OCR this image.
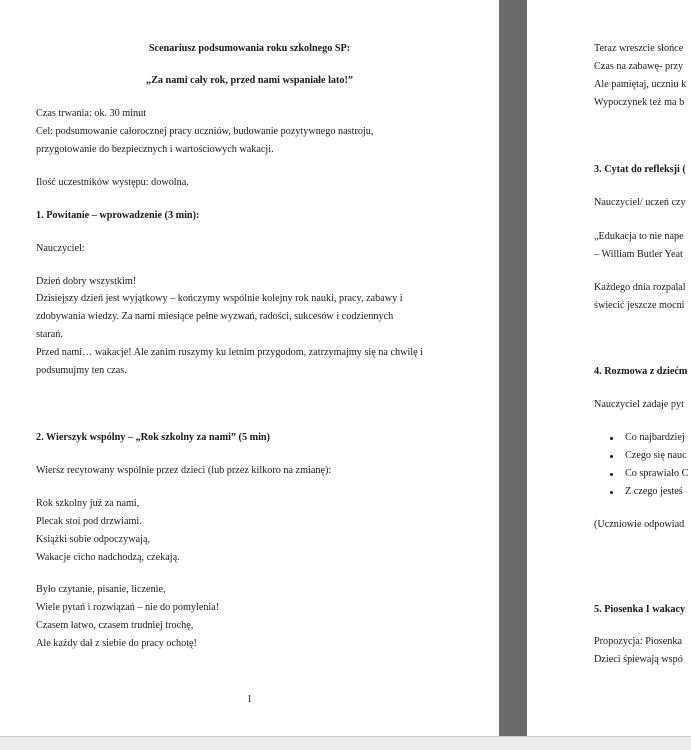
Scenariusz podsumowania roku szkolnego SP:
„Za nami cały rok, przed nami wspaniałe lato!”
Czas trwania: ok. 30 minut
Cel: podsumowanie całorocznej pracy uczniów, budowanie pozytywnego nastroju,
przygotowanie do bezpiecznych i wartościowych wakacji.
Ilość uczestników występu: dowolna.
1. Powitanie – wprowadzenie (3 min):
Nauczyciel:
Dzień dobry wszystkim!
Dzisiejszy dzień jest wyjątkowy – kończymy wspólnie kolejny rok nauki, pracy, zabawy i
zdobywania wiedzy. Za nami miesiące pełne wyzwań, radości, sukcesów i codziennych
starań.
Przed nami… wakacje! Ale zanim ruszymy ku letnim przygodom, zatrzymajmy się na chwilę i
podsumujmy ten czas.
2. Wierszyk wspólny – „Rok szkolny za nami” (5 min)
Wiersz recytowany wspólnie przez dzieci (lub przez kilkoro na zmianę):
Rok szkolny już za nami,
Plecak stoi pod drzwiami.
Książki sobie odpoczywają,
Wakacje cicho nadchodzą, czekają.
Było czytanie, pisanie, liczenie,
Wiele pytań i rozwiązań – nie do pomylenia!
Czasem łatwo, czasem trudniej trochę,
Ale każdy dał z siebie do pracy ochotę!
1
Teraz wreszcie słońce
Czas na zabawę- przy
Ale pamiętaj, uczniu k
Wypoczynek też ma b
3. Cytat do refleksji (
Nauczyciel/ uczeń czy
„Edukacja to nie nape
– William Butler Yeat
Każdego dnia rozpalal
świecić jeszcze mocni
4. Rozmowa z dziećm
Nauczyciel zadaje pyt
Co najbardziej
Czego się nauc
Co sprawiało C
Z czego jesteś
(Uczniowie odpowiad
5. Piosenka I wakacy
Propozycja: Piosenka
Dzieci śpiewają wspó
